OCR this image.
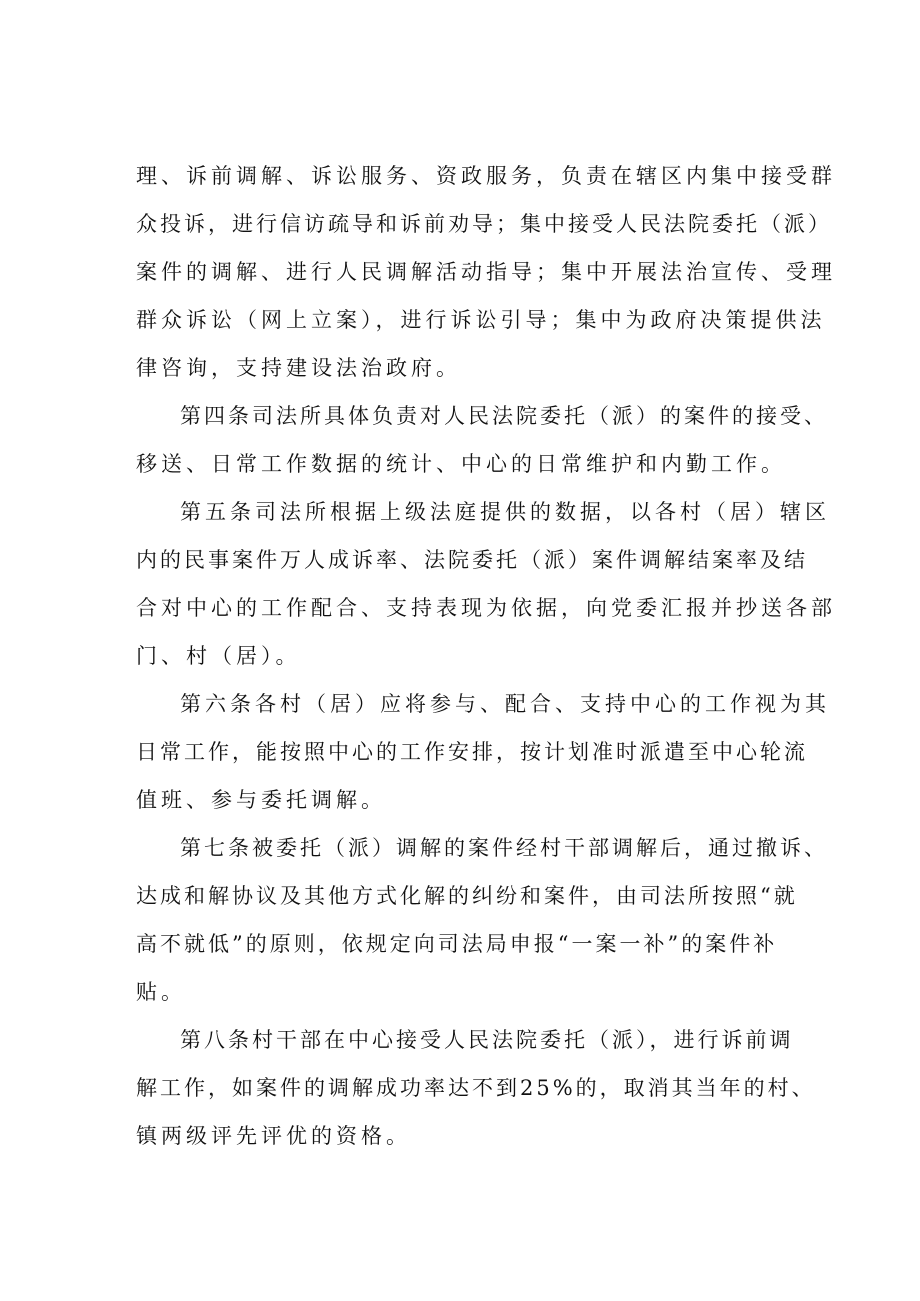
理、诉前调解、诉讼服务、资政服务，负责在辖区内集中接受群
众投诉，进行信访疏导和诉前劝导；集中接受人民法院委托（派）
案件的调解、进行人民调解活动指导；集中开展法治宣传、受理
群众诉讼（网上立案），进行诉讼引导；集中为政府决策提供法
律咨询，支持建设法治政府。
第四条司法所具体负责对人民法院委托（派）的案件的接受、
移送、日常工作数据的统计、中心的日常维护和内勤工作。
第五条司法所根据上级法庭提供的数据，以各村（居）辖区
内的民事案件万人成诉率、法院委托（派）案件调解结案率及结
合对中心的工作配合、支持表现为依据，向党委汇报并抄送各部
门、村（居）。
第六条各村（居）应将参与、配合、支持中心的工作视为其
日常工作，能按照中心的工作安排，按计划准时派遣至中心轮流
值班、参与委托调解。
第七条被委托（派）调解的案件经村干部调解后，通过撤诉、
达成和解协议及其他方式化解的纠纷和案件，由司法所按照“就
高不就低”的原则，依规定向司法局申报“一案一补”的案件补
贴。
第八条村干部在中心接受人民法院委托（派），进行诉前调
解工作，如案件的调解成功率达不到25%的，取消其当年的村、
镇两级评先评优的资格。
